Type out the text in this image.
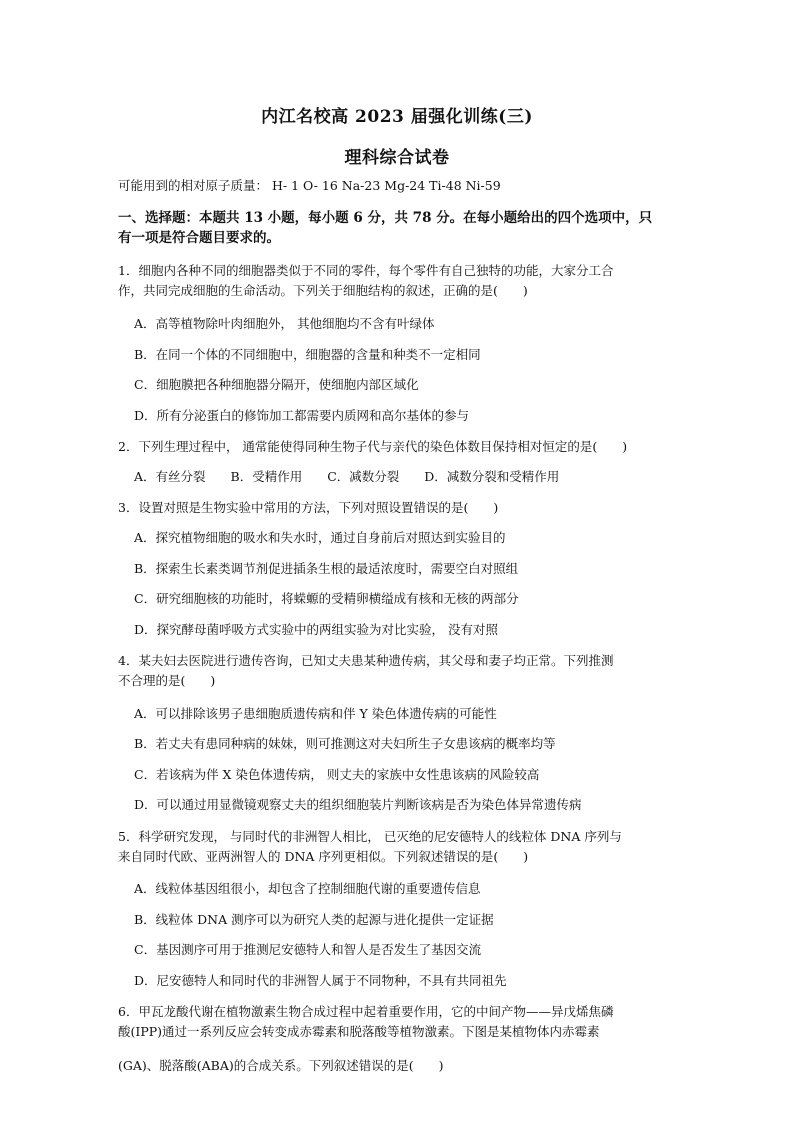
内江名校高 2023 届强化训练(三)
理科综合试卷
可能用到的相对原子质量： H- 1 O- 16 Na-23 Mg-24 Ti-48 Ni-59
一、选择题：本题共 13 小题，每小题 6 分，共 78 分。在每小题给出的四个选项中，只
有一项是符合题目要求的。
1．细胞内各种不同的细胞器类似于不同的零件，每个零件有自己独特的功能，大家分工合
作，共同完成细胞的生命活动。下列关于细胞结构的叙述，正确的是(　　)
A．高等植物除叶肉细胞外， 其他细胞均不含有叶绿体
B．在同一个体的不同细胞中，细胞器的含量和种类不一定相同
C．细胞膜把各种细胞器分隔开，使细胞内部区域化
D．所有分泌蛋白的修饰加工都需要内质网和高尔基体的参与
2．下列生理过程中， 通常能使得同种生物子代与亲代的染色体数目保持相对恒定的是(　　)
A．有丝分裂　　B．受精作用　　C．减数分裂　　D．减数分裂和受精作用
3．设置对照是生物实验中常用的方法，下列对照设置错误的是(　　)
A．探究植物细胞的吸水和失水时，通过自身前后对照达到实验目的
B．探索生长素类调节剂促进插条生根的最适浓度时，需要空白对照组
C．研究细胞核的功能时，将蝾螈的受精卵横缢成有核和无核的两部分
D．探究酵母菌呼吸方式实验中的两组实验为对比实验， 没有对照
4．某夫妇去医院进行遗传咨询，已知丈夫患某种遗传病，其父母和妻子均正常。下列推测
不合理的是(　　)
A．可以排除该男子患细胞质遗传病和伴 Y 染色体遗传病的可能性
B．若丈夫有患同种病的妹妹，则可推测这对夫妇所生子女患该病的概率均等
C．若该病为伴 X 染色体遗传病， 则丈夫的家族中女性患该病的风险较高
D．可以通过用显微镜观察丈夫的组织细胞装片判断该病是否为染色体异常遗传病
5．科学研究发现， 与同时代的非洲智人相比， 已灭绝的尼安德特人的线粒体 DNA 序列与
来自同时代欧、亚两洲智人的 DNA 序列更相似。下列叙述错误的是(　　)
A．线粒体基因组很小，却包含了控制细胞代谢的重要遗传信息
B．线粒体 DNA 测序可以为研究人类的起源与进化提供一定证据
C．基因测序可用于推测尼安德特人和智人是否发生了基因交流
D．尼安德特人和同时代的非洲智人属于不同物种，不具有共同祖先
6．甲瓦龙酸代谢在植物激素生物合成过程中起着重要作用，它的中间产物——异戊烯焦磷
酸(IPP)通过一系列反应会转变成赤霉素和脱落酸等植物激素。下图是某植物体内赤霉素
(GA)、脱落酸(ABA)的合成关系。下列叙述错误的是(　　)
